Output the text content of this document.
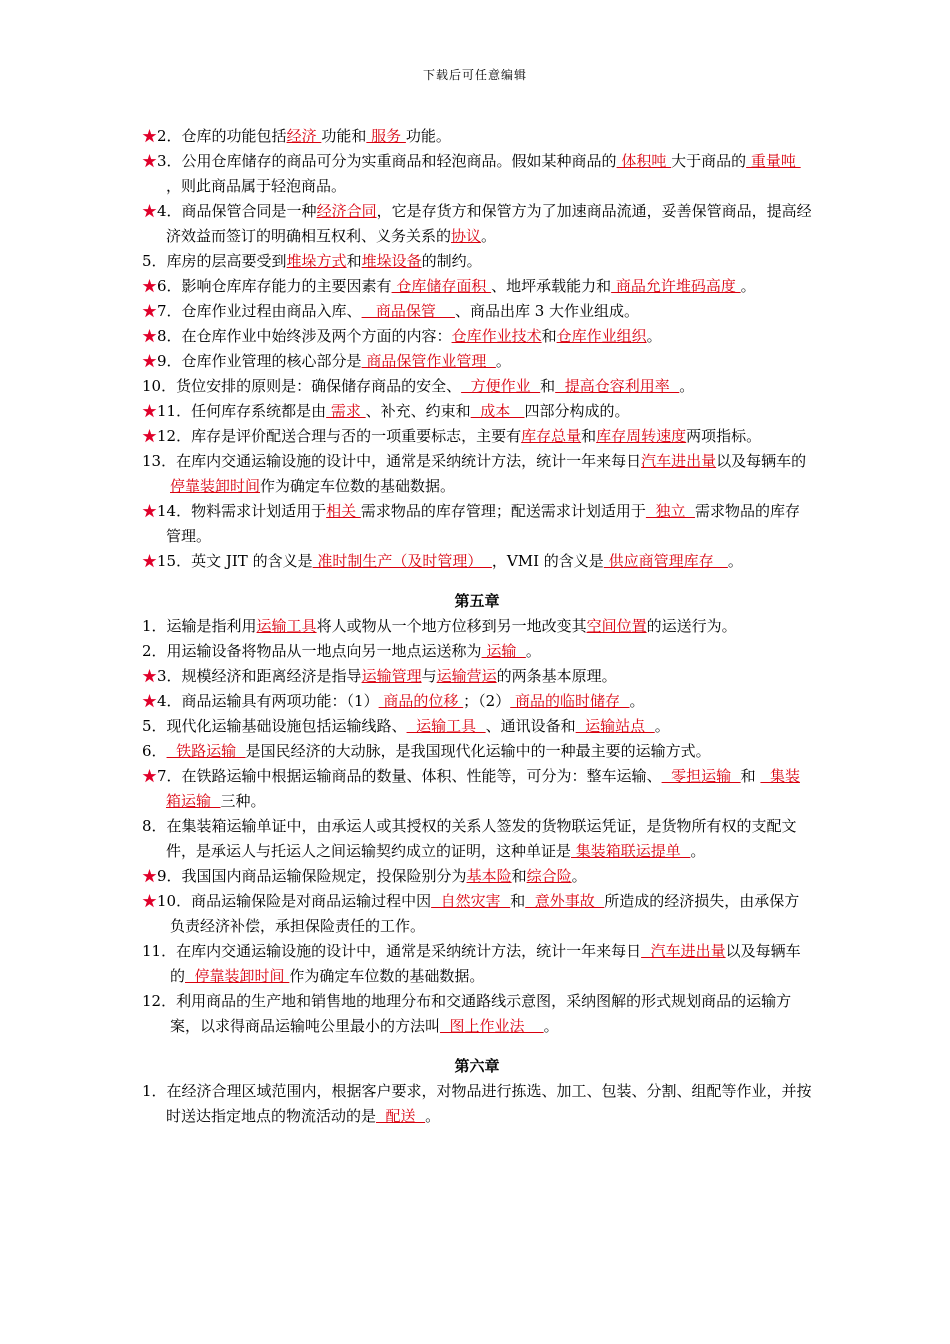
下载后可任意编辑
★2．仓库的功能包括经济 功能和 服务 功能。
★3．公用仓库储存的商品可分为实重商品和轻泡商品。假如某种商品的 体积吨 大于商品的 重量吨 ，则此商品属于轻泡商品。
★4．商品保管合同是一种经济合同，它是存货方和保管方为了加速商品流通，妥善保管商品，提高经济效益而签订的明确相互权利、义务关系的协议。
5．库房的层高要受到堆垛方式和堆垛设备的制约。
★6．影响仓库库存能力的主要因素有 仓库储存面积 、地坪承载能力和 商品允许堆码高度 。
★7．仓库作业过程由商品入库、   商品保管    、商品出库 3 大作业组成。
★8．在仓库作业中始终涉及两个方面的内容：仓库作业技术和仓库作业组织。
★9．仓库作业管理的核心部分是 商品保管作业管理  。
10．货位安排的原则是：确保储存商品的安全、  方便作业  和  提高仓容利用率  。
★11．任何库存系统都是由 需求 、补充、约束和  成本   四部分构成的。
★12．库存是评价配送合理与否的一项重要标志，主要有库存总量和库存周转速度两项指标。
13．在库内交通运输设施的设计中，通常是采纳统计方法，统计一年来每日汽车进出量以及每辆车的停靠装卸时间作为确定车位数的基础数据。
★14．物料需求计划适用于相关 需求物品的库存管理；配送需求计划适用于  独立  需求物品的库存管理。
★15．英文 JIT 的含义是 准时制生产（及时管理）  ，VMI 的含义是 供应商管理库存   。
第五章
1．运输是指利用运输工具将人或物从一个地方位移到另一地改变其空间位置的运送行为。
2．用运输设备将物品从一地点向另一地点运送称为 运输  。
★3．规模经济和距离经济是指导运输管理与运输营运的两条基本原理。
★4．商品运输具有两项功能：（1） 商品的位移 ；（2） 商品的临时储存  。
5．现代化运输基础设施包括运输线路、  运输工具  、通讯设备和  运输站点  。
6．  铁路运输  是国民经济的大动脉，是我国现代化运输中的一种最主要的运输方式。
★7．在铁路运输中根据运输商品的数量、体积、性能等，可分为：整车运输、  零担运输  和   集装箱运输  三种。
8．在集装箱运输单证中，由承运人或其授权的关系人签发的货物联运凭证，是货物所有权的支配文件，是承运人与托运人之间运输契约成立的证明，这种单证是 集装箱联运提单  。
★9．我国国内商品运输保险规定，投保险别分为基本险和综合险。
★10．商品运输保险是对商品运输过程中因  自然灾害  和  意外事故  所造成的经济损失，由承保方负责经济补偿，承担保险责任的工作。
11．在库内交通运输设施的设计中，通常是采纳统计方法，统计一年来每日  汽车进出量以及每辆车的  停靠装卸时间 作为确定车位数的基础数据。
12．利用商品的生产地和销售地的地理分布和交通路线示意图，采纳图解的形式规划商品的运输方案，以求得商品运输吨公里最小的方法叫  图上作业法    。
第六章
1．在经济合理区域范围内，根据客户要求，对物品进行拣选、加工、包装、分割、组配等作业，并按时送达指定地点的物流活动的是  配送  。
